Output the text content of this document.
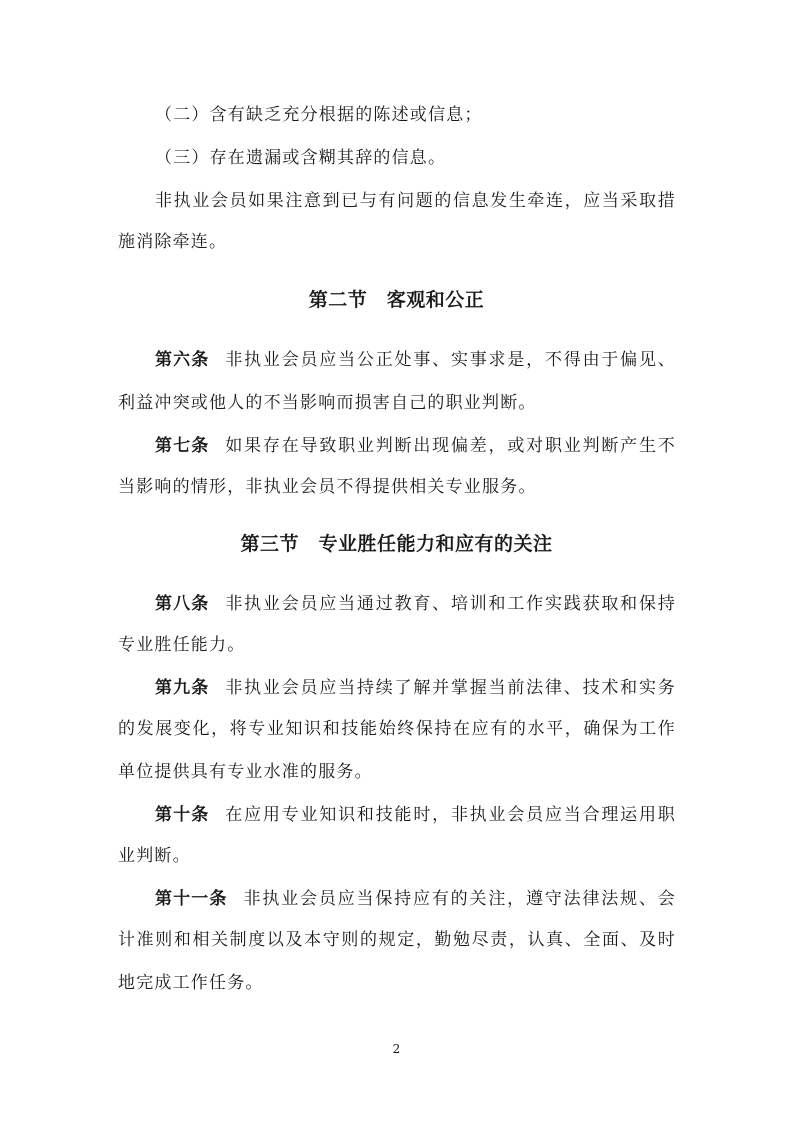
（二）含有缺乏充分根据的陈述或信息；
（三）存在遗漏或含糊其辞的信息。
非执业会员如果注意到已与有问题的信息发生牵连，应当采取措
施消除牵连。
第二节　客观和公正
第六条 非执业会员应当公正处事、实事求是，不得由于偏见、
利益冲突或他人的不当影响而损害自己的职业判断。
第七条 如果存在导致职业判断出现偏差，或对职业判断产生不
当影响的情形，非执业会员不得提供相关专业服务。
第三节　专业胜任能力和应有的关注
第八条 非执业会员应当通过教育、培训和工作实践获取和保持
专业胜任能力。
第九条 非执业会员应当持续了解并掌握当前法律、技术和实务
的发展变化，将专业知识和技能始终保持在应有的水平，确保为工作
单位提供具有专业水准的服务。
第十条 在应用专业知识和技能时，非执业会员应当合理运用职
业判断。
第十一条 非执业会员应当保持应有的关注，遵守法律法规、会
计准则和相关制度以及本守则的规定，勤勉尽责，认真、全面、及时
地完成工作任务。
2
